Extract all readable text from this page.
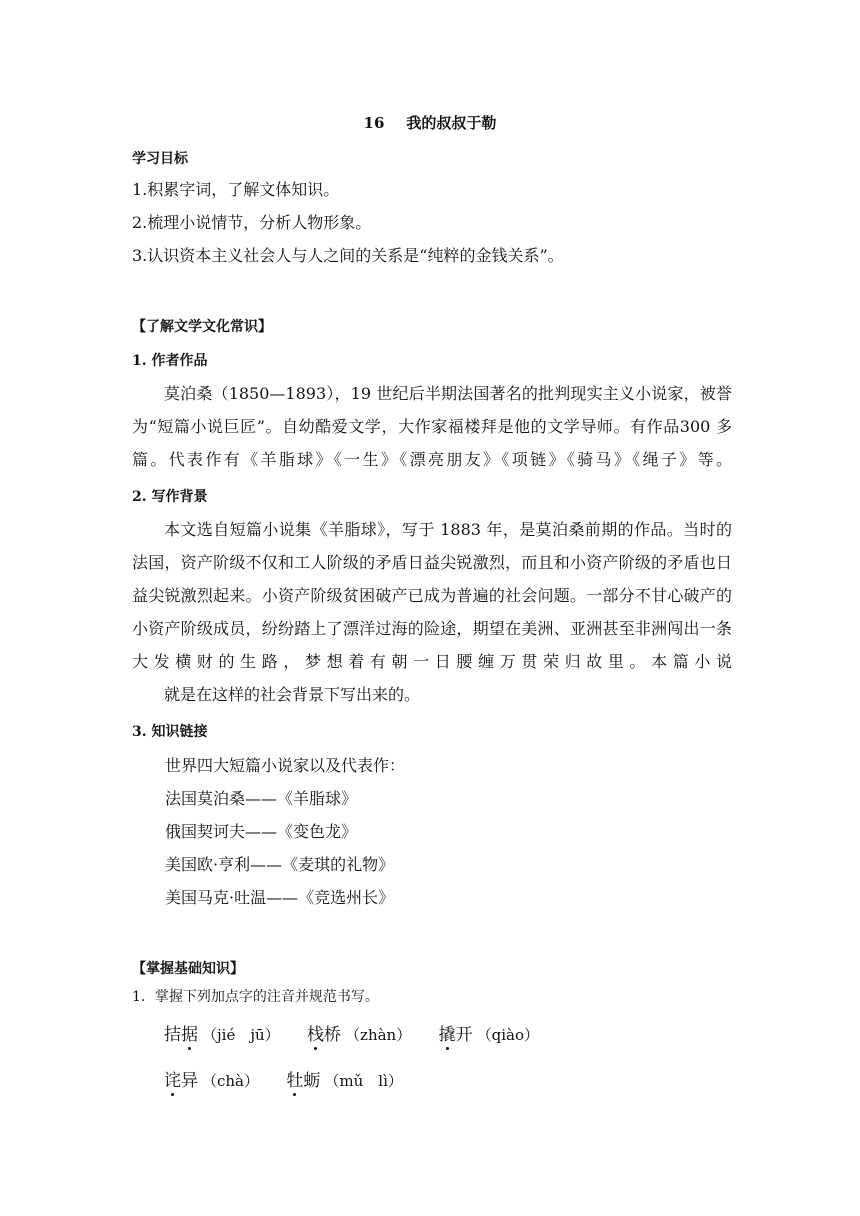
16 我的叔叔于勒
学习目标
1.积累字词，了解文体知识。
2.梳理小说情节，分析人物形象。
3.认识资本主义社会人与人之间的关系是“纯粹的金钱关系”。
【了解文学文化常识】
1. 作者作品
莫泊桑（1850—1893），19 世纪后半期法国著名的批判现实主义小说家，被誉为“短篇小说巨匠”。自幼酷爱文学，大作家福楼拜是他的文学导师。有作品300 多篇。代表作有《羊脂球》《一生》《漂亮朋友》《项链》《骑马》《绳子》等。
2. 写作背景
本文选自短篇小说集《羊脂球》，写于 1883 年，是莫泊桑前期的作品。当时的法国，资产阶级不仅和工人阶级的矛盾日益尖锐激烈，而且和小资产阶级的矛盾也日益尖锐激烈起来。小资产阶级贫困破产已成为普遍的社会问题。一部分不甘心破产的小资产阶级成员，纷纷踏上了漂洋过海的险途，期望在美洲、亚洲甚至非洲闯出一条大发横财的生路，梦想着有朝一日腰缠万贯荣归故里。本篇小说
就是在这样的社会背景下写出来的。
3. 知识链接
世界四大短篇小说家以及代表作：
法国莫泊桑——《羊脂球》
俄国契诃夫——《变色龙》
美国欧·亨利——《麦琪的礼物》
美国马克·吐温——《竞选州长》
【掌握基础知识】
1．掌握下列加点字的注音并规范书写。
拮据 （jié　jū） 栈桥 （zhàn） 撬开 （qiào）
诧异 （chà） 牡蛎 （mǔ　lì）
